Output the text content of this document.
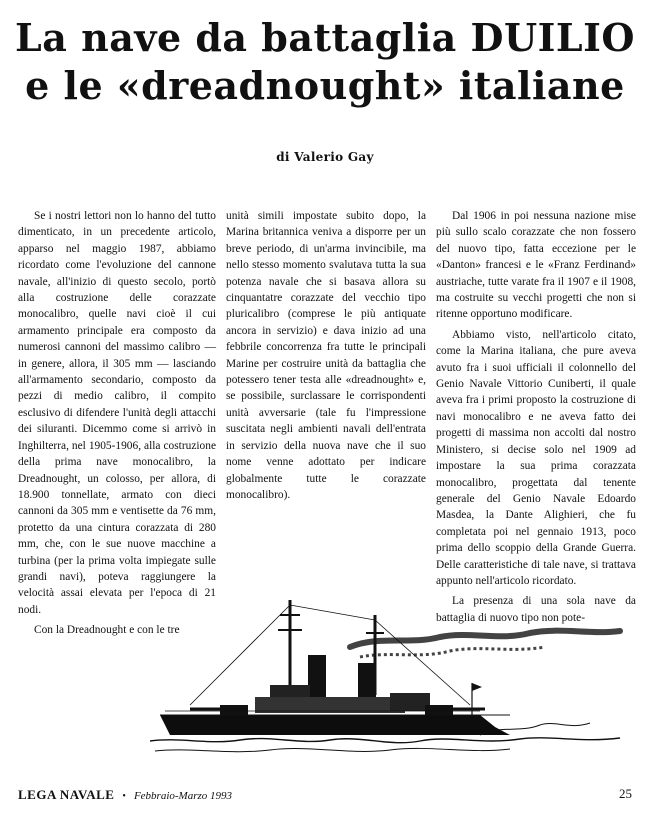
La nave da battaglia DUILIO
e le «dreadnought» italiane
di Valerio Gay

Se i nostri lettori non lo hanno del tutto dimenticato, in un precedente articolo, apparso nel maggio 1987, abbiamo ricordato come l'evoluzione del cannone navale, all'inizio di questo secolo, portò alla costruzione delle corazzate monocalibro, quelle navi cioè il cui armamento principale era composto da numerosi cannoni del massimo calibro — in genere, allora, il 305 mm — lasciando all'armamento secondario, composto da pezzi di medio calibro, il compito esclusivo di difendere l'unità degli attacchi dei siluranti. Dicemmo come si arrivò in Inghilterra, nel 1905-1906, alla costruzione della prima nave monocalibro, la Dreadnought, un colosso, per allora, di 18.900 tonnellate, armato con dieci cannoni da 305 mm e ventisette da 76 mm, protetto da una cintura corazzata di 280 mm, che, con le sue nuove macchine a turbina (per la prima volta impiegate sulle grandi navi), poteva raggiungere la velocità assai elevata per l'epoca di 21 nodi.

Con la Dreadnought e con le tre

unità simili impostate subito dopo, la Marina britannica veniva a disporre per un breve periodo, di un'arma invincibile, ma nello stesso momento svalutava tutta la sua potenza navale che si basava allora su cinquantatre corazzate del vecchio tipo pluricalibro (comprese le più antiquate ancora in servizio) e dava inizio ad una febbrile concorrenza fra tutte le principali Marine per costruire unità da battaglia che potessero tener testa alle «dreadnought» e, se possibile, surclassare le corrispondenti unità avversarie (tale fu l'impressione suscitata negli ambienti navali dell'entrata in servizio della nuova nave che il suo nome venne adottato per indicare globalmente tutte le corazzate monocalibro).

Dal 1906 in poi nessuna nazione mise più sullo scalo corazzate che non fossero del nuovo tipo, fatta eccezione per le «Danton» francesi e le «Franz Ferdinand» austriache, tutte varate fra il 1907 e il 1908, ma costruite su vecchi progetti che non si ritenne opportuno modificare.

Abbiamo visto, nell'articolo citato, come la Marina italiana, che pure aveva avuto fra i suoi ufficiali il colonnello del Genio Navale Vittorio Cuniberti, il quale aveva fra i primi proposto la costruzione di navi monocalibro e ne aveva fatto dei progetti di massima non accolti dal nostro Ministero, si decise solo nel 1909 ad impostare la sua prima corazzata monocalibro, progettata dal tenente generale del Genio Navale Edoardo Masdea, la Dante Alighieri, che fu completata poi nel gennaio 1913, poco prima dello scoppio della Grande Guerra. Delle caratteristiche di tale nave, si trattava appunto nell'articolo ricordato.

La presenza di una sola nave da battaglia di nuovo tipo non pote-

LEGA NAVALE • Febbraio-Marzo 1993	25
